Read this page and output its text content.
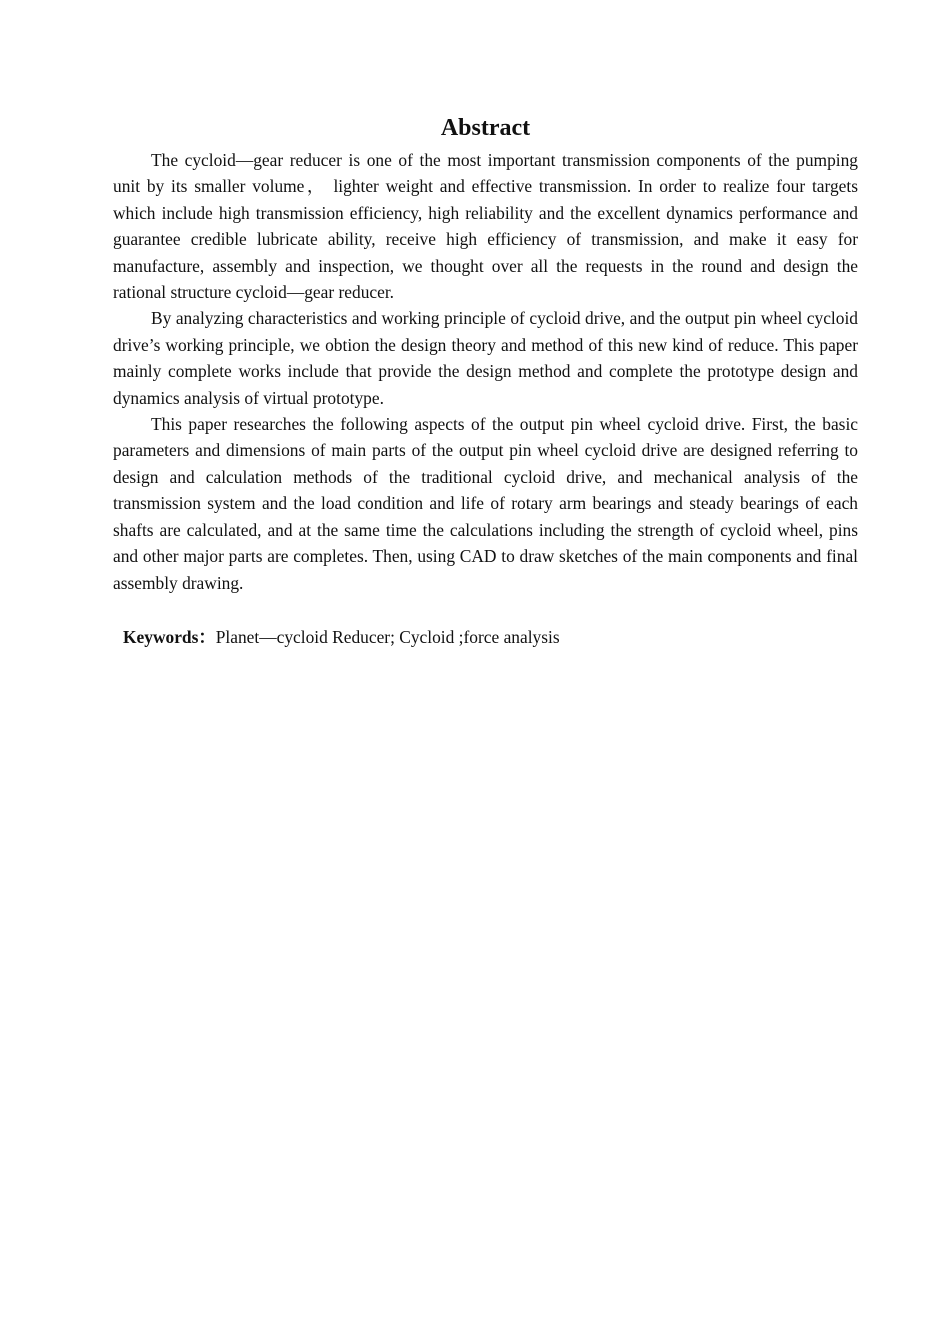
Abstract

The cycloid—gear reducer is one of the most important transmission components of the pumping unit by its smaller volume， lighter weight and effective transmission. In order to realize four targets which include high transmission efficiency, high reliability and the excellent dynamics performance and guarantee credible lubricate ability, receive high efficiency of transmission, and make it easy for manufacture, assembly and inspection, we thought over all the requests in the round and design the rational structure cycloid—gear reducer.

By analyzing characteristics and working principle of cycloid drive, and the output pin wheel cycloid drive’s working principle, we obtion the design theory and method of this new kind of reduce. This paper mainly complete works include that provide the design method and complete the prototype design and dynamics analysis of virtual prototype.

This paper researches the following aspects of the output pin wheel cycloid drive. First, the basic parameters and dimensions of main parts of the output pin wheel cycloid drive are designed referring to design and calculation methods of the traditional cycloid drive, and mechanical analysis of the transmission system and the load condition and life of rotary arm bearings and steady bearings of each shafts are calculated, and at the same time the calculations including the strength of cycloid wheel, pins and other major parts are completes. Then, using CAD to draw sketches of the main components and final assembly drawing.

Keywords：Planet—cycloid Reducer; Cycloid ;force analysis
